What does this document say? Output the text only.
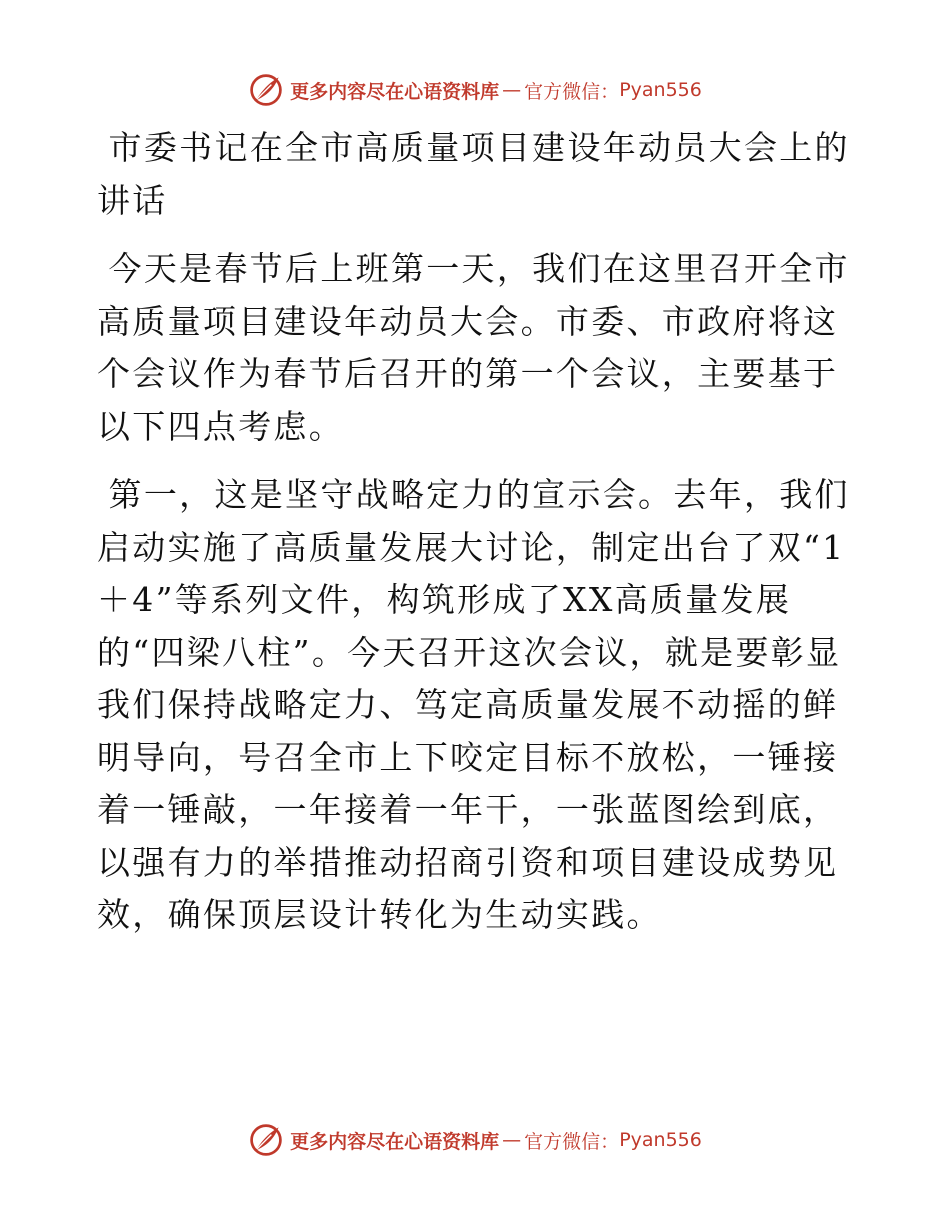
更多内容尽在心语资料库 — 官方微信： Pyan556

市委书记在全市高质量项目建设年动员大会上的讲话

今天是春节后上班第一天，我们在这里召开全市高质量项目建设年动员大会。市委、市政府将这个会议作为春节后召开的第一个会议，主要基于以下四点考虑。

第一，这是坚守战略定力的宣示会。去年，我们启动实施了高质量发展大讨论，制定出台了双“1＋4”等系列文件，构筑形成了XX高质量发展的“四梁八柱”。今天召开这次会议，就是要彰显我们保持战略定力、笃定高质量发展不动摇的鲜明导向，号召全市上下咬定目标不放松，一锤接着一锤敲，一年接着一年干，一张蓝图绘到底，以强有力的举措推动招商引资和项目建设成势见效，确保顶层设计转化为生动实践。

更多内容尽在心语资料库 — 官方微信： Pyan556
